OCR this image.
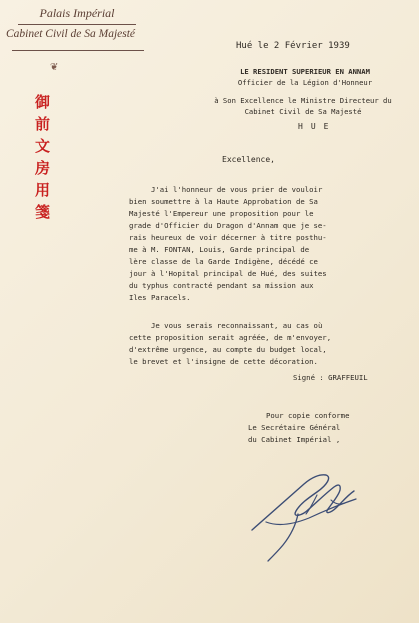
Palais Impérial
Cabinet Civil de Sa Majesté
❦
御前文房用箋
Hué le 2 Février 1939
LE RESIDENT SUPERIEUR EN ANNAM
Officier de la Légion d'Honneur
à Son Excellence le Ministre Directeur du
Cabinet Civil de Sa Majesté
HUE
Excellence,
J'ai l'honneur de vous prier de vouloir
bien soumettre à la Haute Approbation de Sa
Majesté l'Empereur une proposition pour le
grade d'Officier du Dragon d'Annam que je se-
rais heureux de voir décerner à titre posthu-
me à M. FONTAN, Louis, Garde principal de
lère classe de la Garde Indigène, décédé ce
jour à l'Hopital principal de Hué, des suites
du typhus contracté pendant sa mission aux
Iles Paracels.
Je vous serais reconnaissant, au cas où
cette proposition serait agréée, de m'envoyer,
d'extrême urgence, au compte du budget local,
le brevet et l'insigne de cette décoration.
Signé : GRAFFEUIL
Pour copie conforme
Le Secrétaire Général
du Cabinet Impérial ,
